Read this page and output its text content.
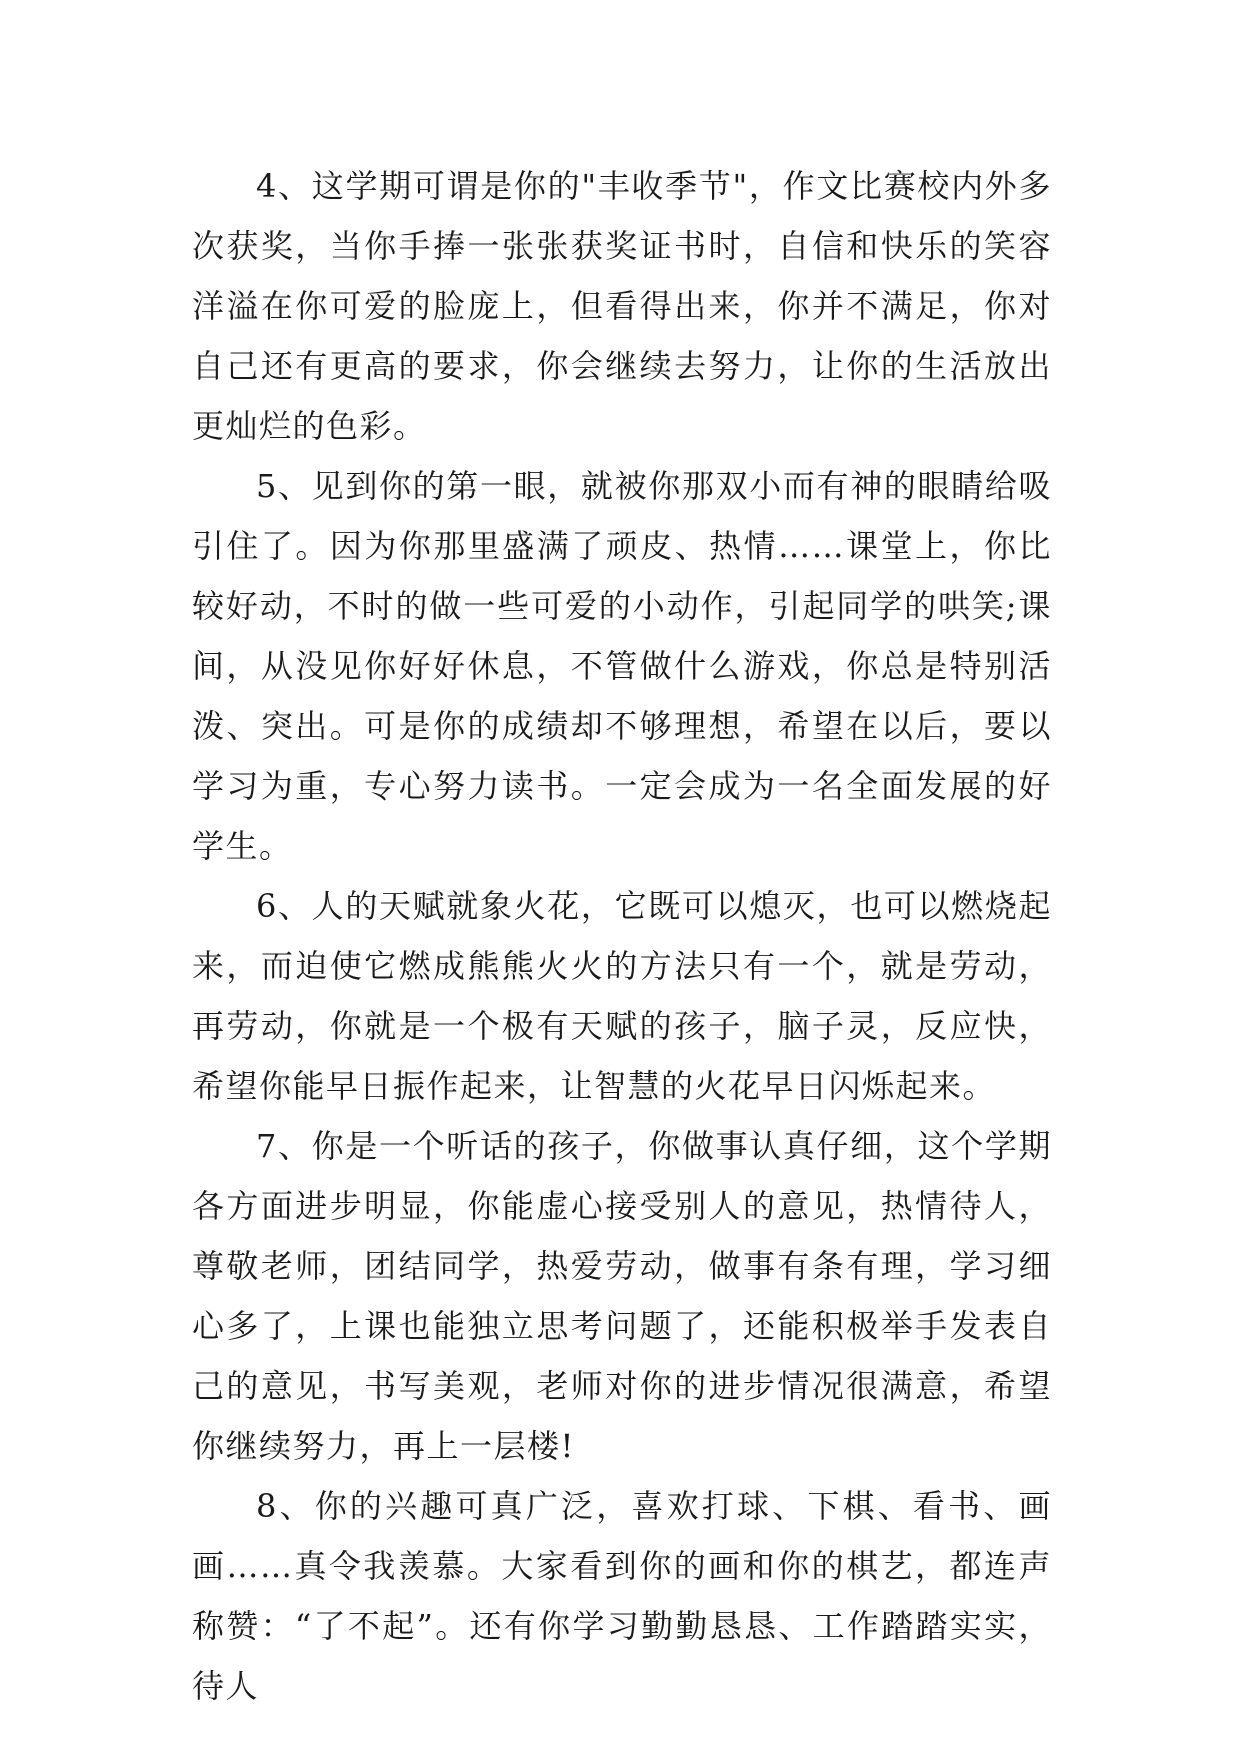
4、这学期可谓是你的"丰收季节"，作文比赛校内外多次获奖，当你手捧一张张获奖证书时，自信和快乐的笑容洋溢在你可爱的脸庞上，但看得出来，你并不满足，你对自己还有更高的要求，你会继续去努力，让你的生活放出更灿烂的色彩。

5、见到你的第一眼，就被你那双小而有神的眼睛给吸引住了。因为你那里盛满了顽皮、热情……课堂上，你比较好动，不时的做一些可爱的小动作，引起同学的哄笑;课间，从没见你好好休息，不管做什么游戏，你总是特别活泼、突出。可是你的成绩却不够理想，希望在以后，要以学习为重，专心努力读书。一定会成为一名全面发展的好学生。

6、人的天赋就象火花，它既可以熄灭，也可以燃烧起来，而迫使它燃成熊熊火火的方法只有一个，就是劳动，再劳动，你就是一个极有天赋的孩子，脑子灵，反应快，希望你能早日振作起来，让智慧的火花早日闪烁起来。

7、你是一个听话的孩子，你做事认真仔细，这个学期各方面进步明显，你能虚心接受别人的意见，热情待人，尊敬老师，团结同学，热爱劳动，做事有条有理，学习细心多了，上课也能独立思考问题了，还能积极举手发表自己的意见，书写美观，老师对你的进步情况很满意，希望你继续努力，再上一层楼!

8、你的兴趣可真广泛，喜欢打球、下棋、看书、画画……真令我羡慕。大家看到你的画和你的棋艺，都连声称赞：“了不起”。还有你学习勤勤恳恳、工作踏踏实实，待人
